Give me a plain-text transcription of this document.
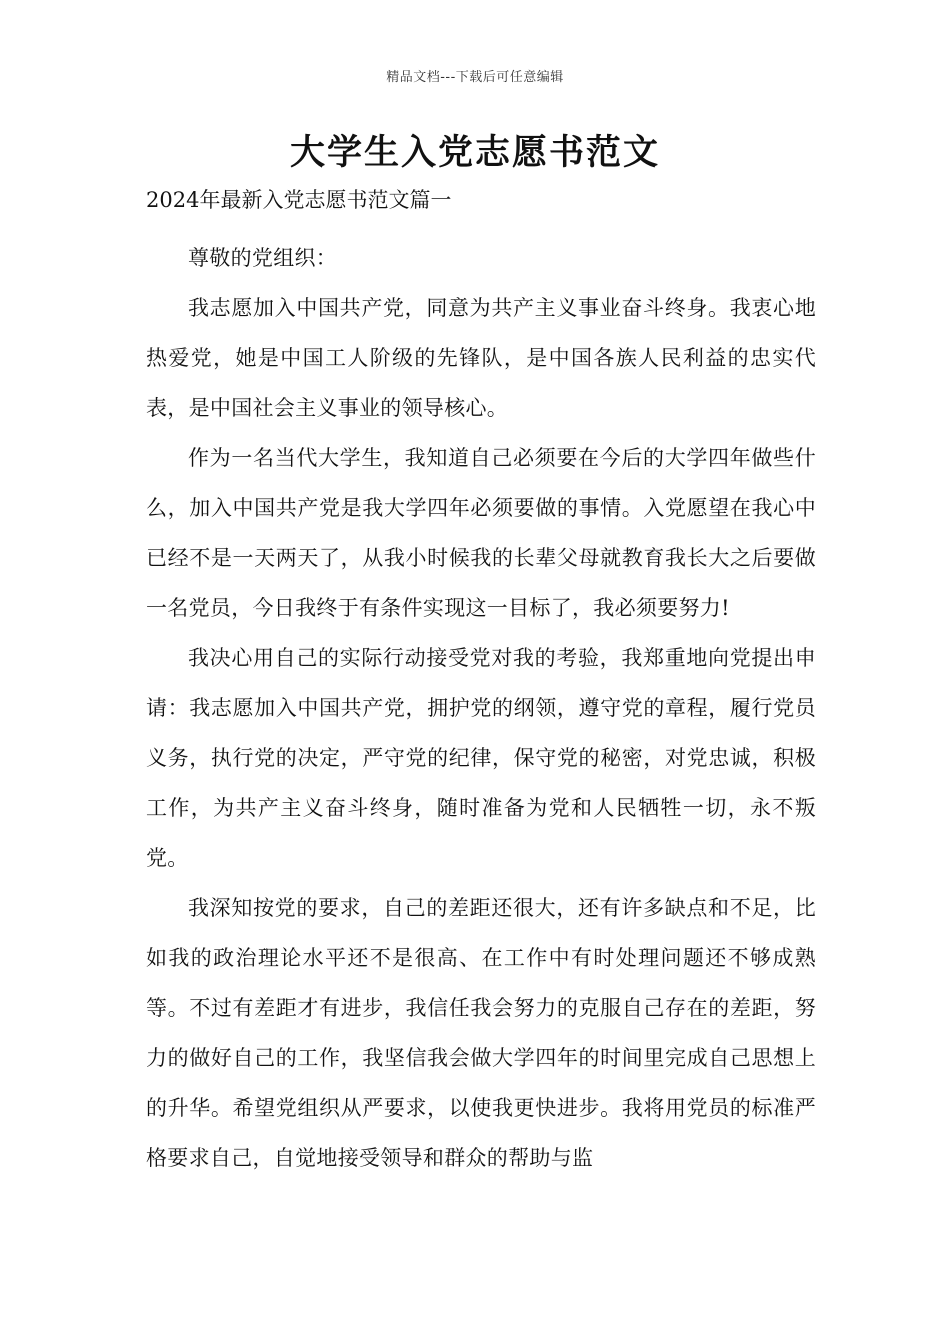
精品文档---下载后可任意编辑
大学生入党志愿书范文

2024年最新入党志愿书范文篇一

尊敬的党组织：

我志愿加入中国共产党，同意为共产主义事业奋斗终身。我衷心地热爱党，她是中国工人阶级的先锋队，是中国各族人民利益的忠实代表，是中国社会主义事业的领导核心。

作为一名当代大学生，我知道自己必须要在今后的大学四年做些什么，加入中国共产党是我大学四年必须要做的事情。入党愿望在我心中已经不是一天两天了，从我小时候我的长辈父母就教育我长大之后要做一名党员，今日我终于有条件实现这一目标了，我必须要努力!

我决心用自己的实际行动接受党对我的考验，我郑重地向党提出申请：我志愿加入中国共产党，拥护党的纲领，遵守党的章程，履行党员义务，执行党的决定，严守党的纪律，保守党的秘密，对党忠诚，积极工作，为共产主义奋斗终身，随时准备为党和人民牺牲一切，永不叛党。

我深知按党的要求，自己的差距还很大，还有许多缺点和不足，比如我的政治理论水平还不是很高、在工作中有时处理问题还不够成熟等。不过有差距才有进步，我信任我会努力的克服自己存在的差距，努力的做好自己的工作，我坚信我会做大学四年的时间里完成自己思想上的升华。希望党组织从严要求，以使我更快进步。我将用党员的标准严格要求自己，自觉地接受领导和群众的帮助与监
